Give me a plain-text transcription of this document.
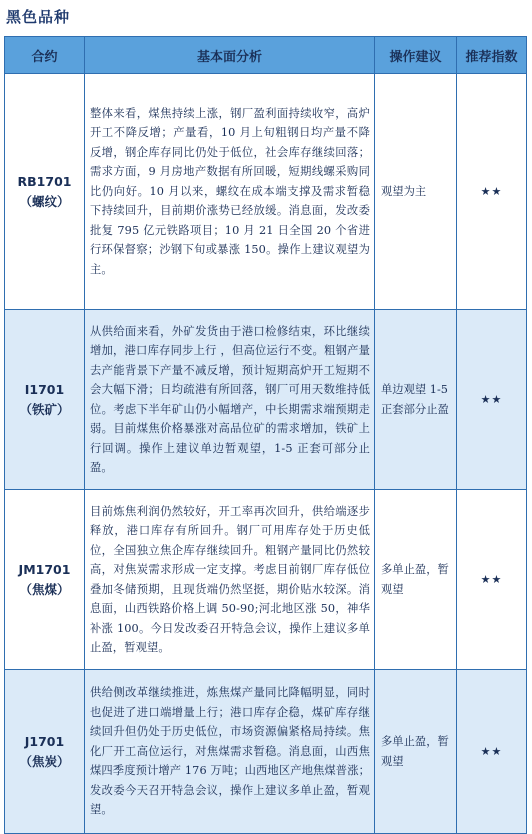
黑色品种
合约	基本面分析	操作建议	推荐指数

RB1701
（螺纹）	整体来看，煤焦持续上涨，钢厂盈利面持续收窄，高炉开工不降反增；产量看，10 月上旬粗钢日均产量不降反增，钢企库存同比仍处于低位，社会库存继续回落；需求方面，9 月房地产数据有所回暖，短期线螺采购同比仍向好。10 月以来，螺纹在成本端支撑及需求暂稳下持续回升，目前期价涨势已经放缓。消息面，发改委批复 795 亿元铁路项目；10 月 21 日全国 20 个省进行环保督察；沙钢下旬或暴涨 150。操作上建议观望为主。	观望为主	★★

I1701
（铁矿）	从供给面来看，外矿发货由于港口检修结束，环比继续增加，港口库存同步上行 ，但高位运行不变。粗钢产量去产能背景下产量不减反增，预计短期高炉开工短期不会大幅下滑；日均疏港有所回落，钢厂可用天数维持低位。考虑下半年矿山仍小幅增产，中长期需求端预期走弱。目前煤焦价格暴涨对高品位矿的需求增加，铁矿上行回调。操作上建议单边暂观望，1-5 正套可部分止盈。	单边观望 1-5 正套部分止盈	★★

JM1701
（焦煤）	目前炼焦利润仍然较好，开工率再次回升，供给端逐步释放，港口库存有所回升。钢厂可用库存处于历史低位，全国独立焦企库存继续回升。粗钢产量同比仍然较高，对焦炭需求形成一定支撑。考虑目前钢厂库存低位叠加冬储预期，且现货端仍然坚挺，期价贴水较深。消息面，山西铁路价格上调 50-90;河北地区涨 50，神华补涨 100。今日发改委召开特急会议，操作上建议多单止盈，暂观望。	多单止盈，暂观望	★★

J1701
（焦炭）	供给侧改革继续推进，炼焦煤产量同比降幅明显，同时也促进了进口端增量上行；港口库存企稳，煤矿库存继续回升但仍处于历史低位，市场资源偏紧格局持续。焦化厂开工高位运行，对焦煤需求暂稳。消息面，山西焦煤四季度预计增产 176 万吨；山西地区产地焦煤普涨；发改委今天召开特急会议，操作上建议多单止盈，暂观望。	多单止盈，暂观望	★★
